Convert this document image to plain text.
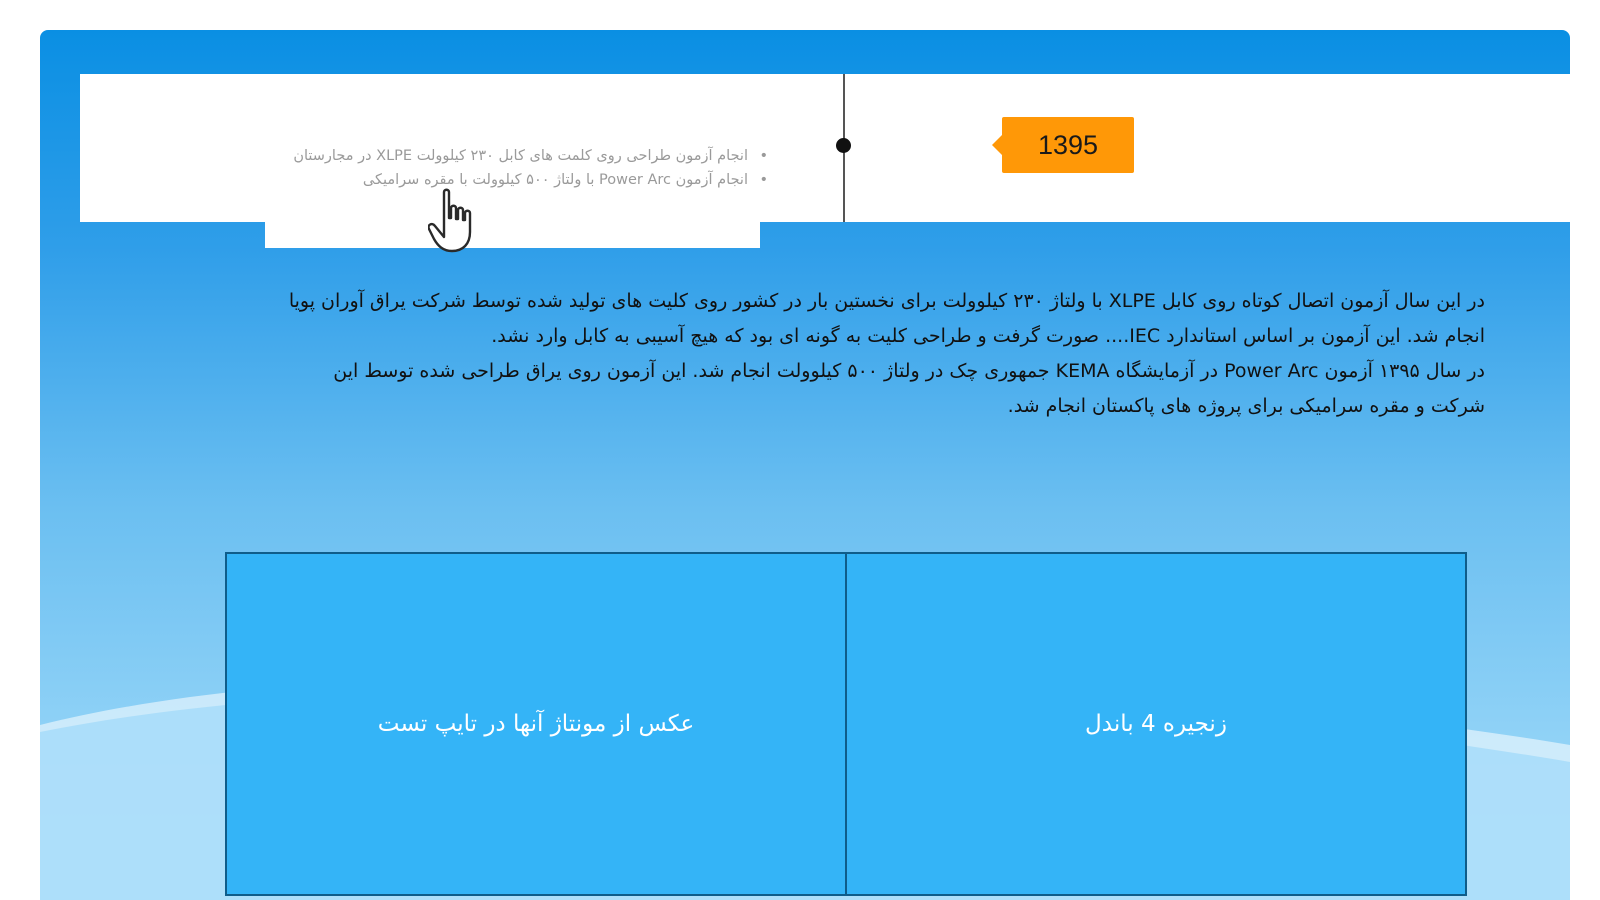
1395
• انجام آزمون طراحی روی کلمت های کابل ۲۳۰ کیلوولت XLPE در مجارستان
• انجام آزمون Power Arc با ولتاژ ۵۰۰ کیلوولت با مقره سرامیکی

در این سال آزمون اتصال کوتاه روی کابل XLPE با ولتاژ ۲۳۰ کیلوولت برای نخستین بار در کشور روی کلیت های تولید شده توسط شرکت یراق آوران پویا انجام شد. این آزمون بر اساس استاندارد IEC.... صورت گرفت و طراحی کلیت به گونه ای بود که هیچ آسیبی به کابل وارد نشد.

در سال ۱۳۹۵ آزمون Power Arc در آزمایشگاه KEMA جمهوری چک در ولتاژ ۵۰۰ کیلوولت انجام شد. این آزمون روی یراق طراحی شده توسط این شرکت و مقره سرامیکی برای پروژه های پاکستان انجام شد.

عکس از مونتاژ آنها در تایپ تست	زنجیره 4 باندل
